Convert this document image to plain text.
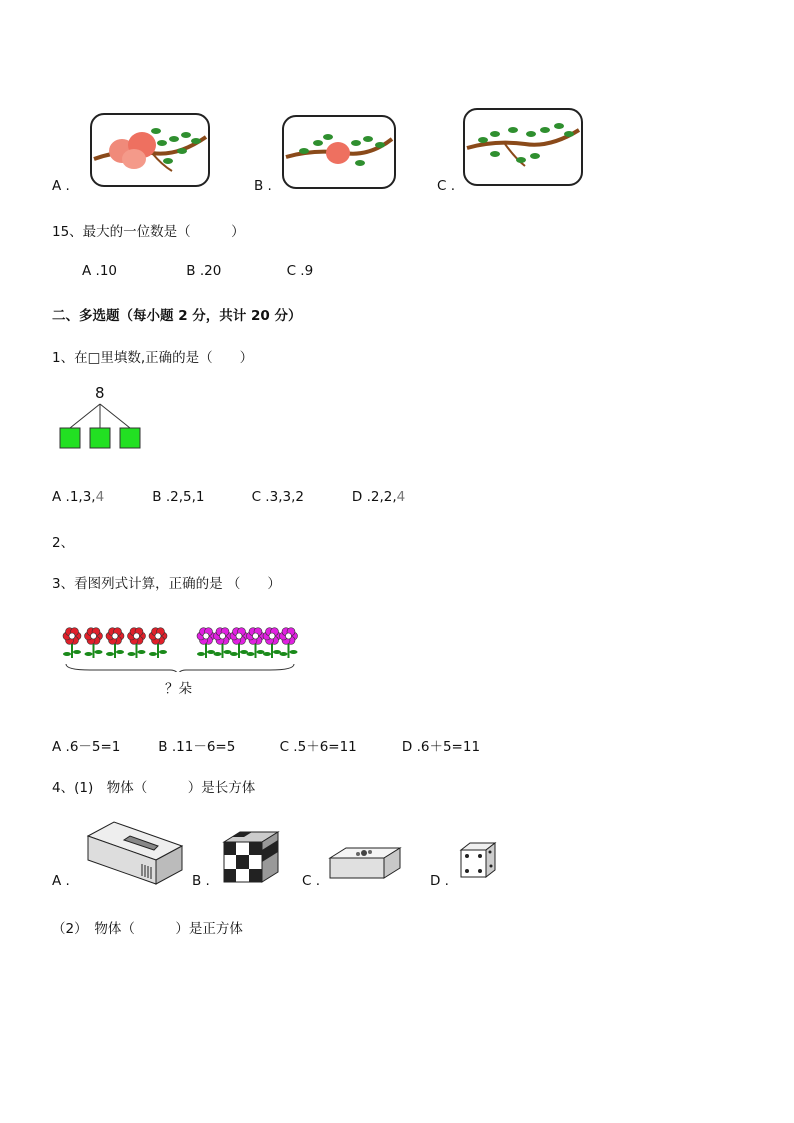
A .	B .	C .
15、最大的一位数是（　　　）
A .10	B .20	C .9
二、多选题（每小题 2 分，共计 20 分）
1、在□里填数,正确的是（　　）
8
A .1,3,4	B .2,5,1	C .3,3,2	D .2,2,4
2、
3、看图列式计算，正确的是 （　　）
？朵
A .6－5=1	B .11－6=5	C .5＋6=11	D .6＋5=11
4、(1)　物体（　　　）是长方体
A .	B .	C .	D .
（2）　物体（　　　）是正方体
